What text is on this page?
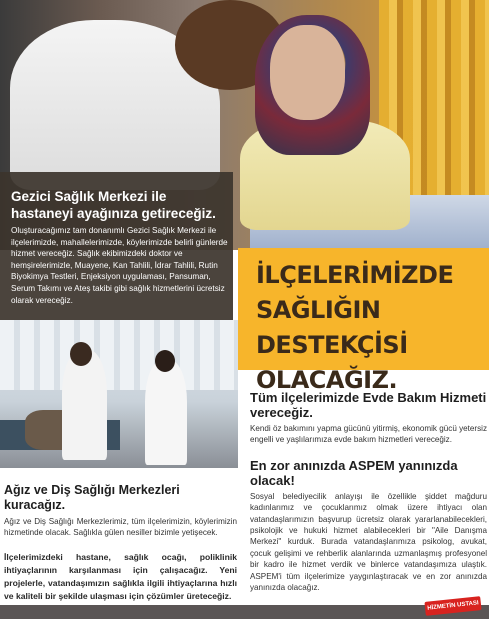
Gezici Sağlık Merkezi ile hastaneyi ayağınıza getireceğiz.

Oluşturacağımız tam donanımlı Gezici Sağlık Merkezi ile ilçelerimizde, mahallelerimizde, köylerimizde belirli günlerde hizmet vereceğiz. Sağlık ekibimizdeki doktor ve hemşirelerimizle, Muayene, Kan Tahlili, İdrar Tahlili, Rutin Biyokimya Testleri, Enjeksiyon uygulaması, Pansuman, Serum Takımı ve Ateş takibi gibi sağlık hizmetlerini ücretsiz olarak vereceğiz.

İLÇELERİMİZDE
SAĞLIĞIN DESTEKÇİSİ
OLACAĞIZ.

Tüm ilçelerimizde Evde Bakım Hizmeti vereceğiz.

Kendi öz bakımını yapma gücünü yitirmiş, ekonomik gücü yetersiz engelli ve yaşlılarımıza evde bakım hizmetleri vereceğiz.

En zor anınızda ASPEM yanınızda olacak!

Sosyal belediyecilik anlayışı ile özellikle şiddet mağduru kadınlarımız ve çocuklarımız olmak üzere ihtiyacı olan vatandaşlarımızın başvurup ücretsiz olarak yararlanabilecekleri, psikolojik ve hukuki hizmet alabilecekleri bir "Aile Danışma Merkezi" kurduk. Burada vatandaşlarımıza psikolog, avukat, çocuk gelişimi ve rehberlik alanlarında uzmanlaşmış profesyonel bir kadro ile hizmet verdik ve binlerce vatandaşımıza ulaştık. ASPEM'i tüm ilçelerimize yaygınlaştıracak ve en zor anınızda yanınızda olacağız.

Ağız ve Diş Sağlığı Merkezleri kuracağız.

Ağız ve Diş Sağlığı Merkezlerimiz, tüm ilçelerimizin, köylerimizin hizmetinde olacak. Sağlıkla gülen nesiller bizimle yetişecek.

İlçelerimizdeki hastane, sağlık ocağı, poliklinik ihtiyaçlarının karşılanması için çalışacağız. Yeni projelerle, vatandaşımızın sağlıkla ilgili ihtiyaçlarına hızlı ve kaliteli bir şekilde ulaşması için çözümler üreteceğiz.

HİZMETİN USTASI
